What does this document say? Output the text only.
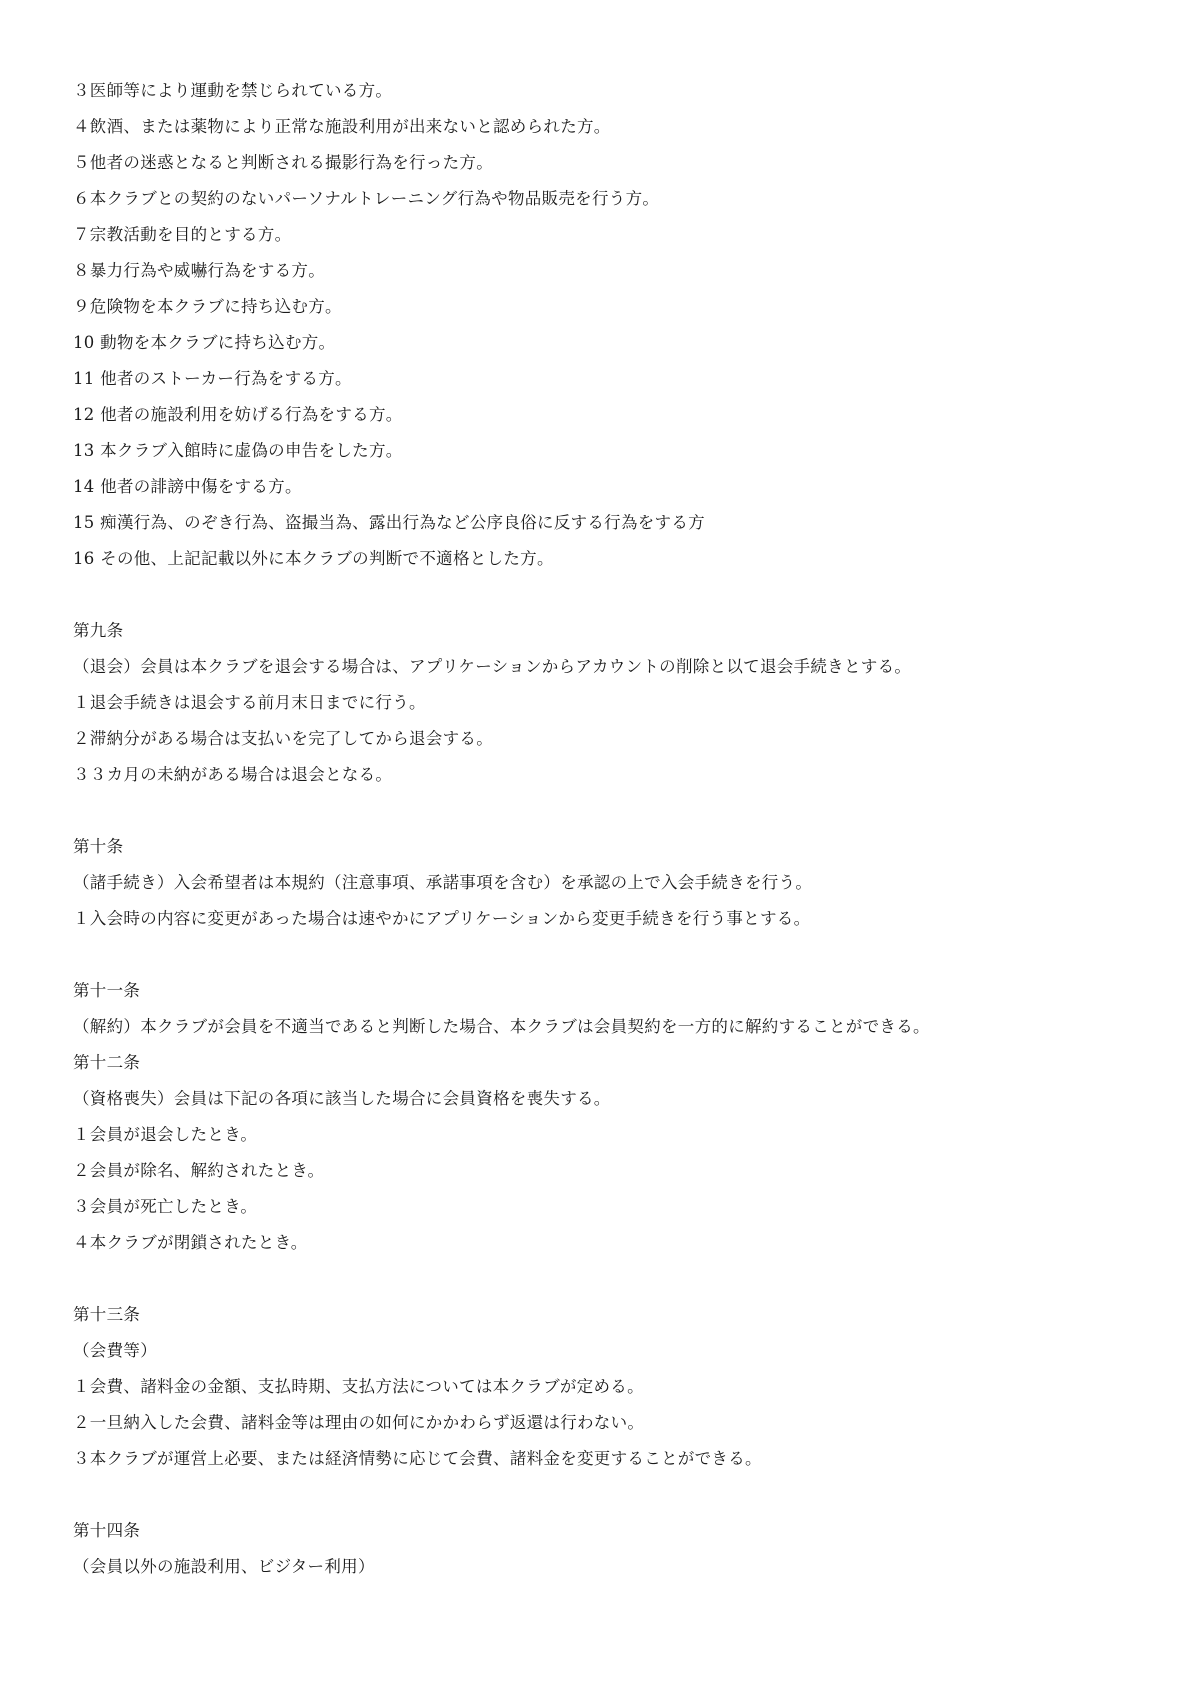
３医師等により運動を禁じられている方。
４飲酒、または薬物により正常な施設利用が出来ないと認められた方。
５他者の迷惑となると判断される撮影行為を行った方。
６本クラブとの契約のないパーソナルトレーニング行為や物品販売を行う方。
７宗教活動を目的とする方。
８暴力行為や威嚇行為をする方。
９危険物を本クラブに持ち込む方。
10 動物を本クラブに持ち込む方。
11 他者のストーカー行為をする方。
12 他者の施設利用を妨げる行為をする方。
13 本クラブ入館時に虚偽の申告をした方。
14 他者の誹謗中傷をする方。
15 痴漢行為、のぞき行為、盗撮当為、露出行為など公序良俗に反する行為をする方
16 その他、上記記載以外に本クラブの判断で不適格とした方。
第九条
（退会）会員は本クラブを退会する場合は、アプリケーションからアカウントの削除と以て退会手続きとする。
１退会手続きは退会する前月末日までに行う。
２滞納分がある場合は支払いを完了してから退会する。
３３カ月の未納がある場合は退会となる。
第十条
（諸手続き）入会希望者は本規約（注意事項、承諾事項を含む）を承認の上で入会手続きを行う。
１入会時の内容に変更があった場合は速やかにアプリケーションから変更手続きを行う事とする。
第十一条
（解約）本クラブが会員を不適当であると判断した場合、本クラブは会員契約を一方的に解約することができる。
第十二条
（資格喪失）会員は下記の各項に該当した場合に会員資格を喪失する。
１会員が退会したとき。
２会員が除名、解約されたとき。
３会員が死亡したとき。
４本クラブが閉鎖されたとき。
第十三条
（会費等）
１会費、諸料金の金額、支払時期、支払方法については本クラブが定める。
２一旦納入した会費、諸料金等は理由の如何にかかわらず返還は行わない。
３本クラブが運営上必要、または経済情勢に応じて会費、諸料金を変更することができる。
第十四条
（会員以外の施設利用、ビジター利用）
